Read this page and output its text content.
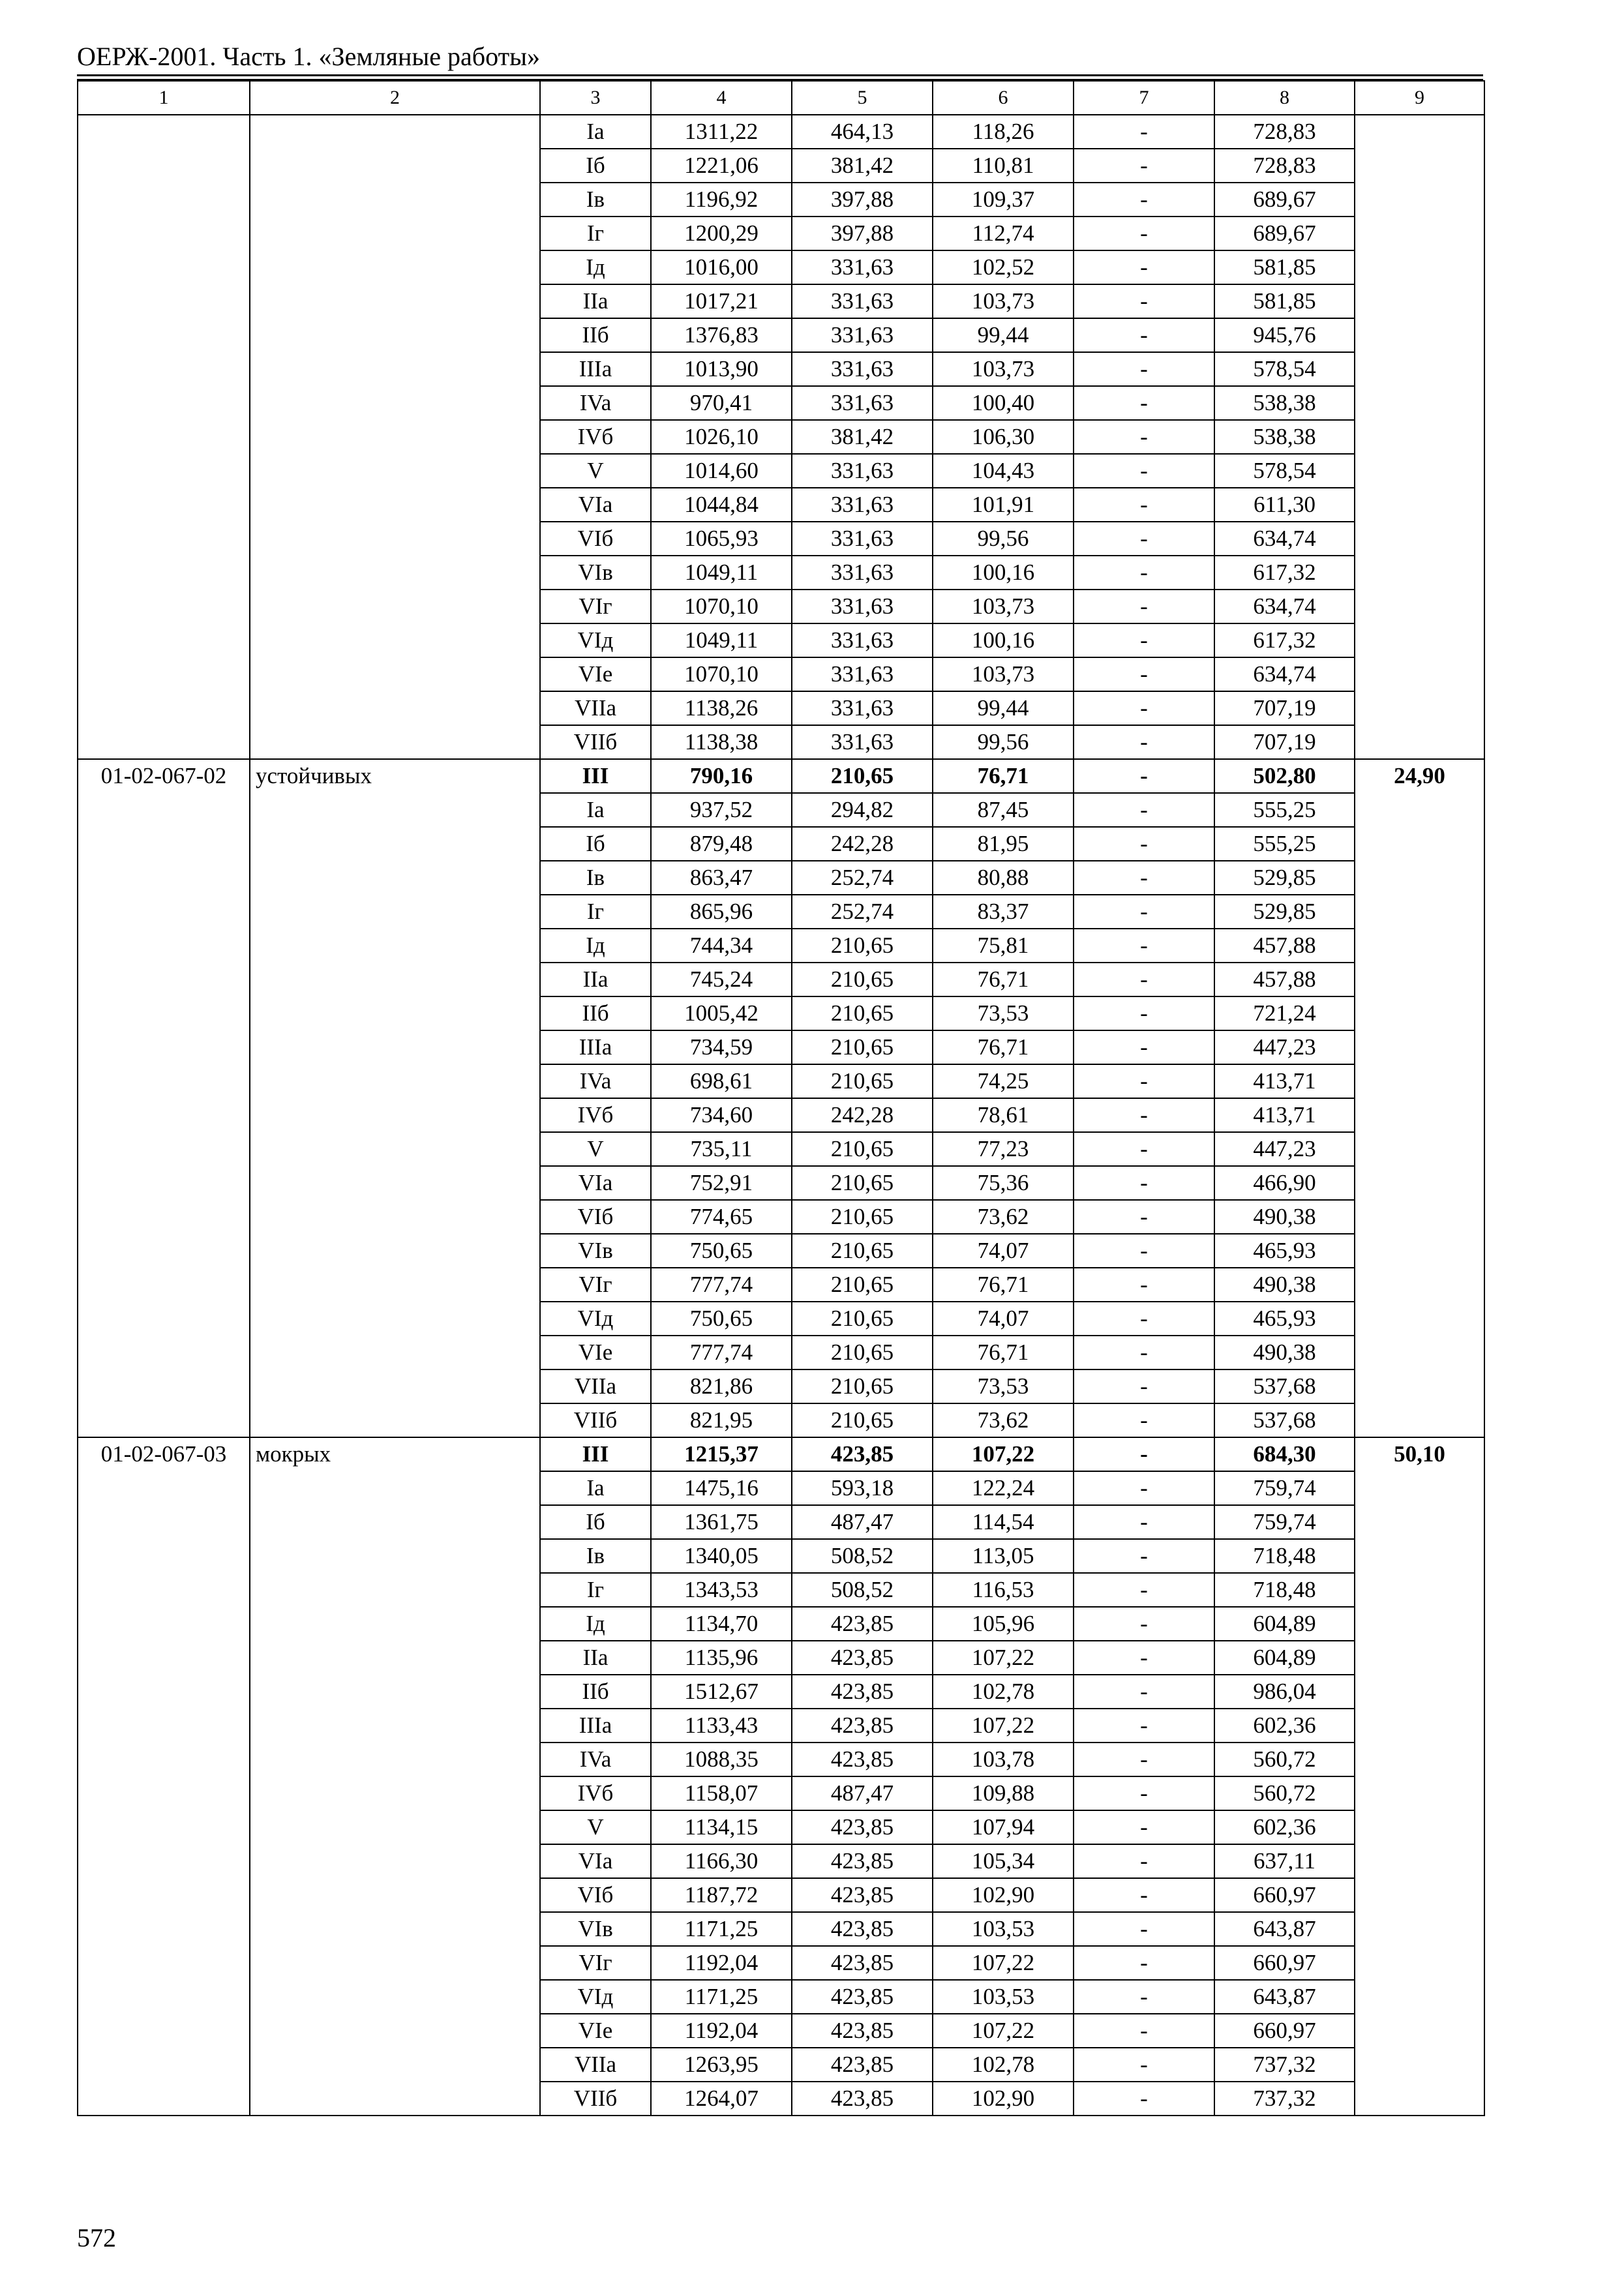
ОЕРЖ-2001. Часть 1. «Земляные работы»
1	2	3	4	5	6	7	8	9
		Ia	1311,22	464,13	118,26	-	728,83	
		Iб	1221,06	381,42	110,81	-	728,83	
		Iв	1196,92	397,88	109,37	-	689,67	
		Iг	1200,29	397,88	112,74	-	689,67	
		Iд	1016,00	331,63	102,52	-	581,85	
		IIa	1017,21	331,63	103,73	-	581,85	
		IIб	1376,83	331,63	99,44	-	945,76	
		IIIa	1013,90	331,63	103,73	-	578,54	
		IVa	970,41	331,63	100,40	-	538,38	
		IVб	1026,10	381,42	106,30	-	538,38	
		V	1014,60	331,63	104,43	-	578,54	
		VIa	1044,84	331,63	101,91	-	611,30	
		VIб	1065,93	331,63	99,56	-	634,74	
		VIв	1049,11	331,63	100,16	-	617,32	
		VIг	1070,10	331,63	103,73	-	634,74	
		VIд	1049,11	331,63	100,16	-	617,32	
		VIe	1070,10	331,63	103,73	-	634,74	
		VIIa	1138,26	331,63	99,44	-	707,19	
		VIIб	1138,38	331,63	99,56	-	707,19	
01-02-067-02	устойчивых	III	790,16	210,65	76,71	-	502,80	24,90
		Ia	937,52	294,82	87,45	-	555,25	
		Iб	879,48	242,28	81,95	-	555,25	
		Iв	863,47	252,74	80,88	-	529,85	
		Iг	865,96	252,74	83,37	-	529,85	
		Iд	744,34	210,65	75,81	-	457,88	
		IIa	745,24	210,65	76,71	-	457,88	
		IIб	1005,42	210,65	73,53	-	721,24	
		IIIa	734,59	210,65	76,71	-	447,23	
		IVa	698,61	210,65	74,25	-	413,71	
		IVб	734,60	242,28	78,61	-	413,71	
		V	735,11	210,65	77,23	-	447,23	
		VIa	752,91	210,65	75,36	-	466,90	
		VIб	774,65	210,65	73,62	-	490,38	
		VIв	750,65	210,65	74,07	-	465,93	
		VIг	777,74	210,65	76,71	-	490,38	
		VIд	750,65	210,65	74,07	-	465,93	
		VIe	777,74	210,65	76,71	-	490,38	
		VIIa	821,86	210,65	73,53	-	537,68	
		VIIб	821,95	210,65	73,62	-	537,68	
01-02-067-03	мокрых	III	1215,37	423,85	107,22	-	684,30	50,10
		Ia	1475,16	593,18	122,24	-	759,74	
		Iб	1361,75	487,47	114,54	-	759,74	
		Iв	1340,05	508,52	113,05	-	718,48	
		Iг	1343,53	508,52	116,53	-	718,48	
		Iд	1134,70	423,85	105,96	-	604,89	
		IIa	1135,96	423,85	107,22	-	604,89	
		IIб	1512,67	423,85	102,78	-	986,04	
		IIIa	1133,43	423,85	107,22	-	602,36	
		IVa	1088,35	423,85	103,78	-	560,72	
		IVб	1158,07	487,47	109,88	-	560,72	
		V	1134,15	423,85	107,94	-	602,36	
		VIa	1166,30	423,85	105,34	-	637,11	
		VIб	1187,72	423,85	102,90	-	660,97	
		VIв	1171,25	423,85	103,53	-	643,87	
		VIг	1192,04	423,85	107,22	-	660,97	
		VIд	1171,25	423,85	103,53	-	643,87	
		VIe	1192,04	423,85	107,22	-	660,97	
		VIIa	1263,95	423,85	102,78	-	737,32	
		VIIб	1264,07	423,85	102,90	-	737,32	
572
